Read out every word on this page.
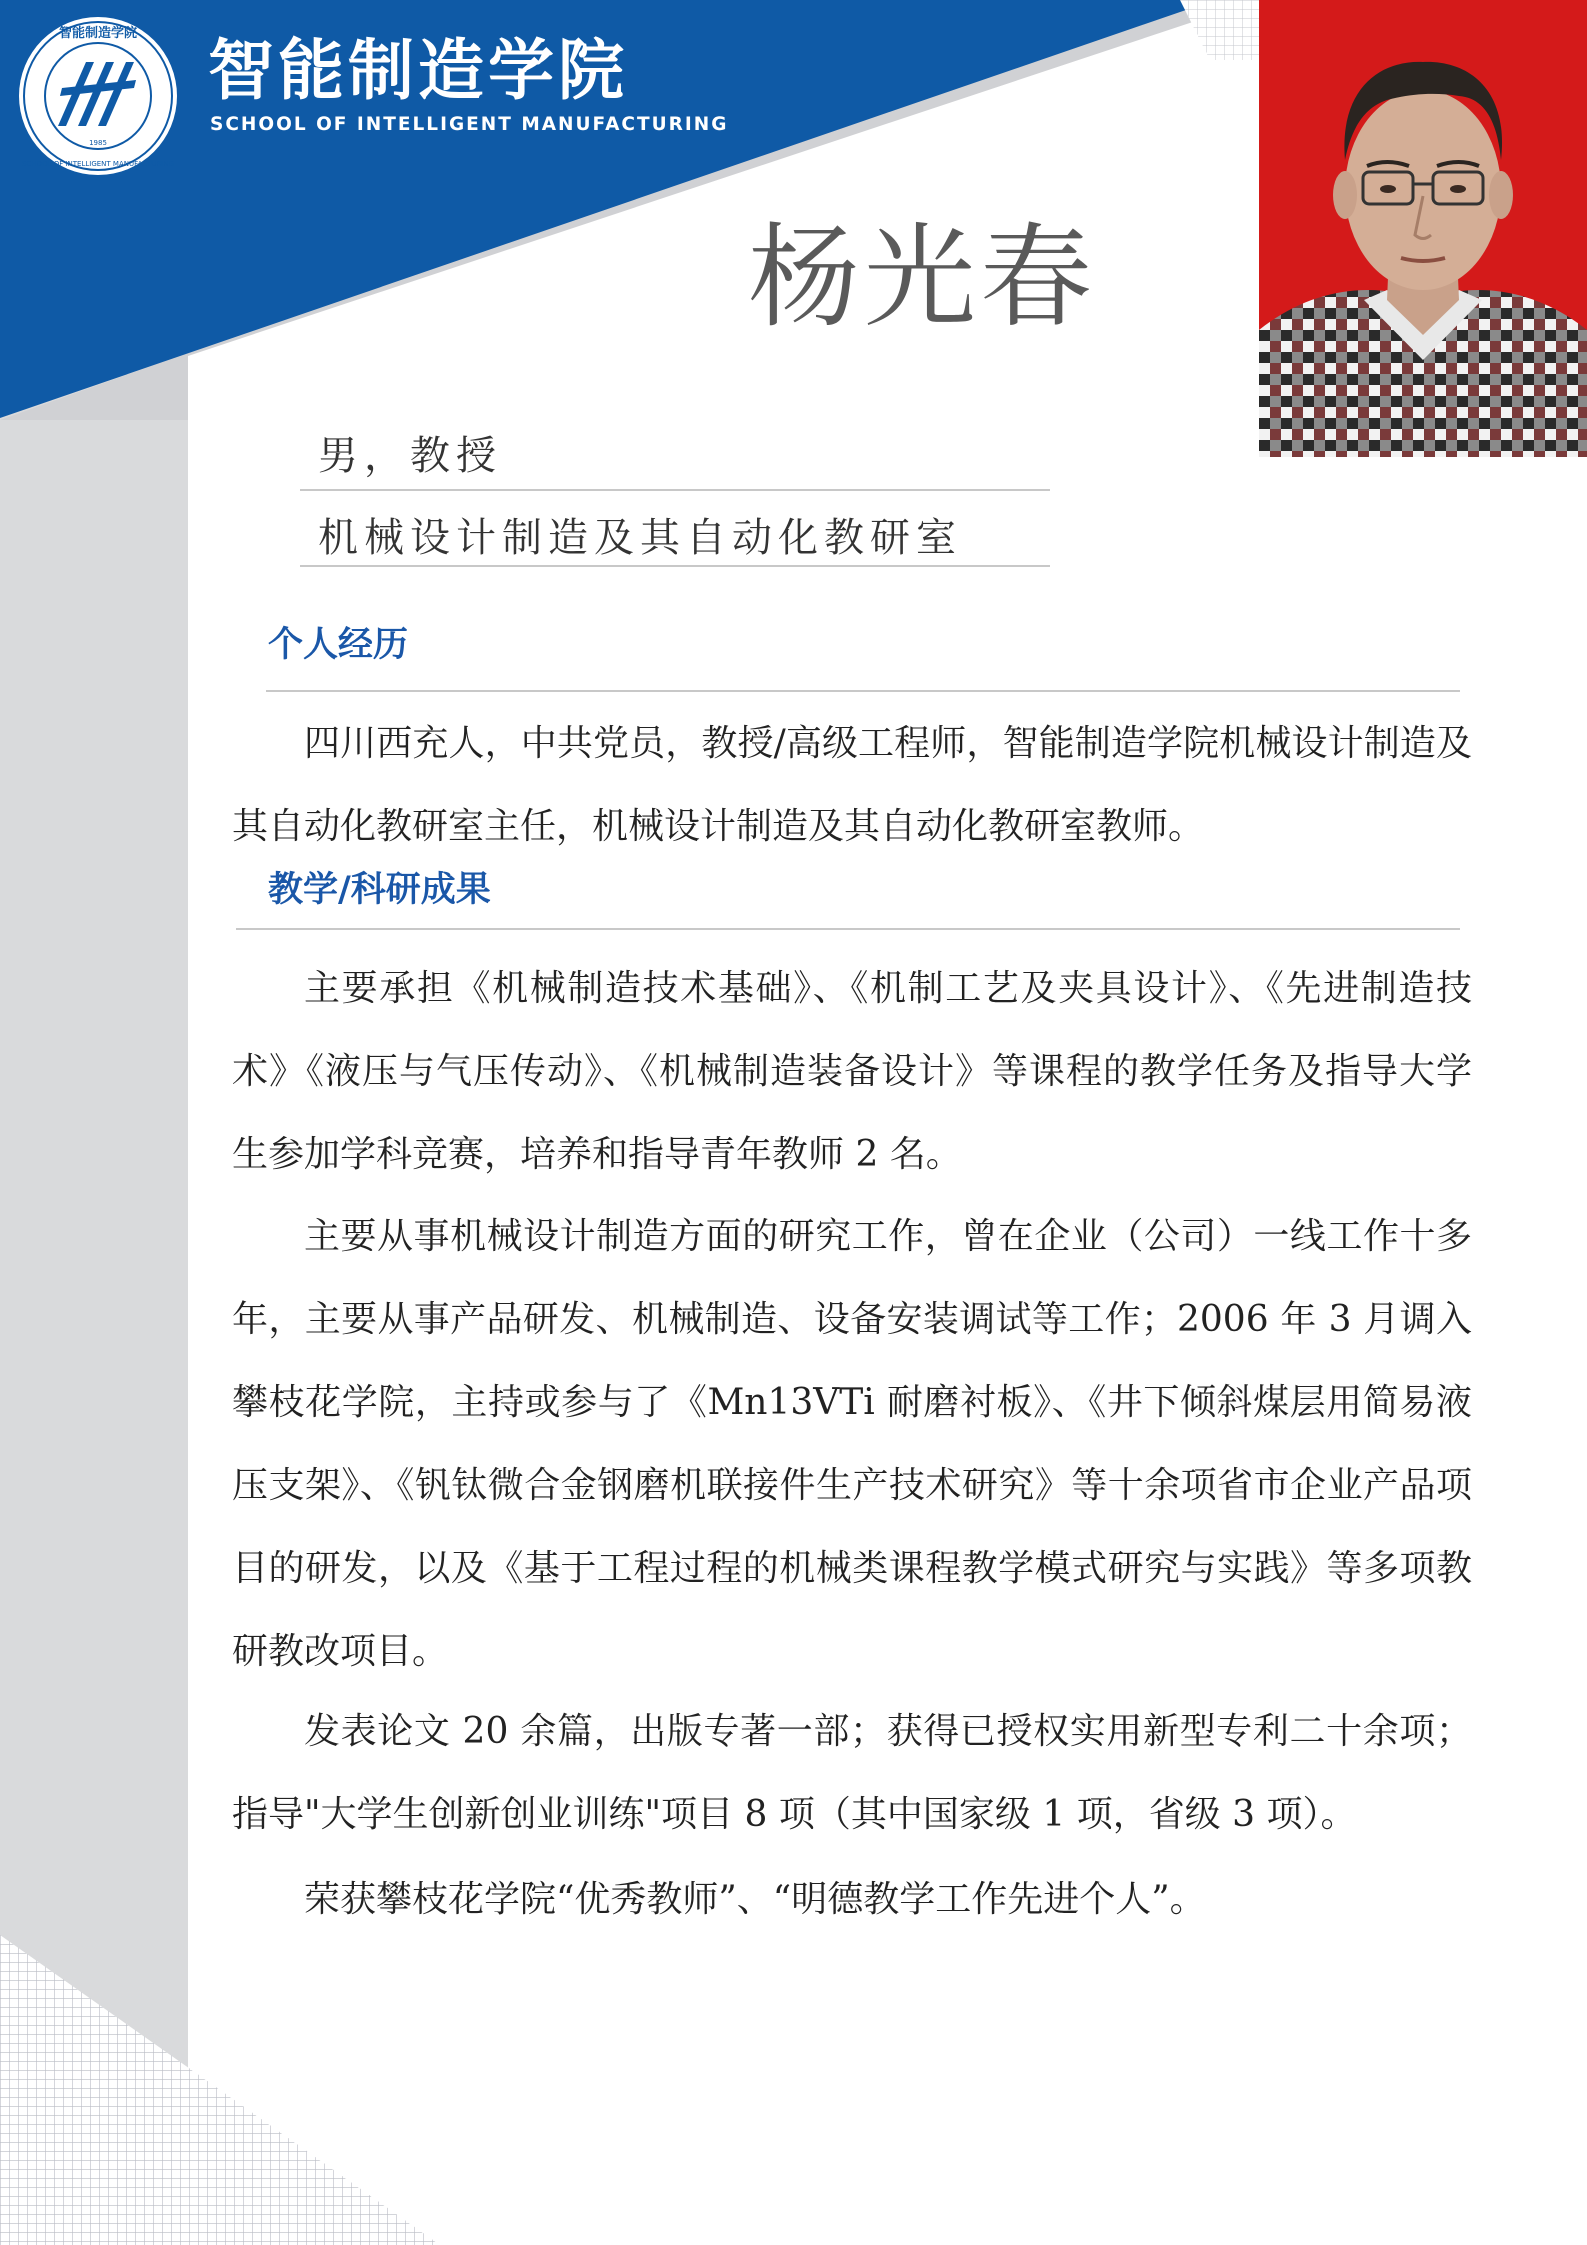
智能制造学院
SCHOOL OF INTELLIGENT MANUFACTURING
1985
智能制造学院
SCHOOL OF INTELLIGENT MANUFACTURING
杨光春
男，教授
机械设计制造及其自动化教研室
个人经历

四川西充人，中共党员，教授/高级工程师，智能制造学院机械设计制造及其自动化教研室主任，机械设计制造及其自动化教研室教师。

教学/科研成果

主要承担《机械制造技术基础》、《机制工艺及夹具设计》、《先进制造技术》《液压与气压传动》、《机械制造装备设计》等课程的教学任务及指导大学生参加学科竞赛，培养和指导青年教师 2 名。

主要从事机械设计制造方面的研究工作，曾在企业（公司）一线工作十多年，主要从事产品研发、机械制造、设备安装调试等工作；2006 年 3 月调入攀枝花学院，主持或参与了《Mn13VTi 耐磨衬板》、《井下倾斜煤层用简易液压支架》、《钒钛微合金钢磨机联接件生产技术研究》等十余项省市企业产品项目的研发，以及《基于工程过程的机械类课程教学模式研究与实践》等多项教研教改项目。

发表论文 20 余篇，出版专著一部；获得已授权实用新型专利二十余项；指导"大学生创新创业训练"项目 8 项（其中国家级 1 项，省级 3 项）。

荣获攀枝花学院“优秀教师”、“明德教学工作先进个人”。
